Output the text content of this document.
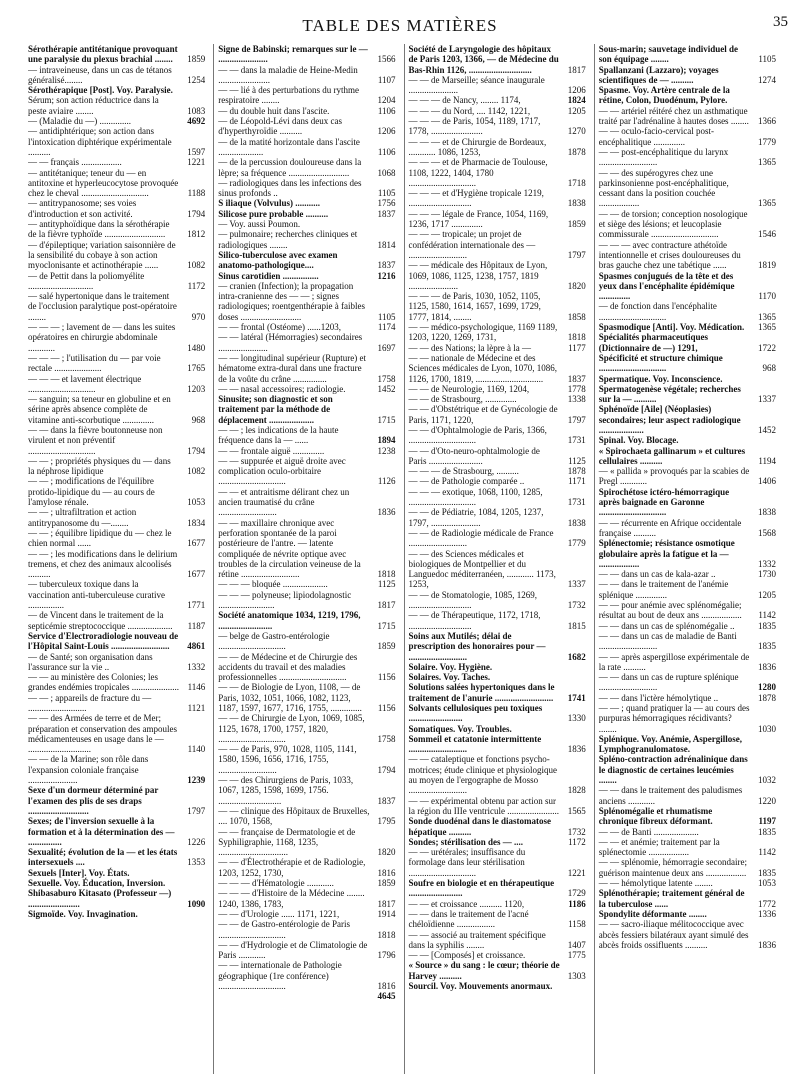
TABLE DES MATIÈRES	35
Sérothérapie antitétanique provoquant une paralysie du plexus brachial ........	1859
— intraveineuse, dans un cas de tétanos généralisé........	1254
Sérothérapique [Post]. Voy. Paralysie.
Sérum; son action réductrice dans la peste aviaire ........	1083
— (Maladie du —) ..............	4692
— antidiphtérique; son action dans l'intoxication diphtérique expérimentale ..........	1597
— — français ..................	1221
— antitétanique; teneur du — en antitoxine et hyperleucocytose provoquée chez le cheval ..............................	1188
— antitrypanosome; ses voies d'introduction et son activité.	1794
— antityphoïdique dans la sérothérapie de la fièvre typhoïde ...........................	1812
— d'épileptique; variation saisonnière de la sensibilité du cobaye à son action myoclonisante et actinothérapie ......	1082
— de Pettit dans la poliomyélite .............................	1172
— salé hypertonique dans le traitement de l'occlusion paralytique post-opératoire ........	970
— — — ; lavement de — dans les suites opératoires en chirurgie abdominale ............	1480
— — — ; l'utilisation du — par voie rectale .....................	1765
— — — et lavement électrique ..............................	1203
— sanguin; sa teneur en globuline et en sérine après absence complète de vitamine anti-scorbutique ..............	968
— — dans la fièvre boutonneuse non virulent et non préventif ..............................	1794
— — ; propriétés physiques du — dans la néphrose lipidique	1082
— — ; modifications de l'équilibre protido-lipidique du — au cours de l'amylose rénale.	1053
— — ; ultrafiltration et action antitrypanosome du —........	1834
— — ; équilibre lipidique du — chez le chien normal ......	1677
— — ; les modifications dans le delirium tremens, et chez des animaux alcoolisés ..........	1677
— tuberculeux toxique dans la vaccination anti-tuberculeuse curative ................	1771
— de Vincent dans le traitement de la septicémie streptococcique ....................	1187
Service d'Electroradiologie nouveau de l'Hôpital Saint-Louis ..........................	4861
— de Santé; son organisation dans l'assurance sur la vie ..	1332
— — au ministère des Colonies; les grandes endémies tropicales ..................... 1146
— — ; appareils de fracture du — ..........................	1121
— — des Armées de terre et de Mer; préparation et conservation des ampoules médicamenteuses en usage dans le — ............................	1140
— — de la Marine; son rôle dans l'expansion coloniale française ......................	1239
Sexe d'un dormeur déterminé par l'examen des plis de ses draps ...........................	1797
Sexes; de l'inversion sexuelle à la formation et à la détermination des — ...............	1226
Sexualité; évolution de la — et les états intersexuels ....	1353
Sexuels [Inter]. Voy. États.
Sexuelle. Voy. Éducation, Inversion.
Shibasaburo Kitasato (Professeur —) .......................	1090
Sigmoïde. Voy. Invagination.
Signe de Babinski; remarques sur le — ......................	1566
— — dans la maladie de Heine-Medin .......................	1107
— — lié à des perturbations du rythme respiratoire ........	1204
— du double huit dans l'ascite.	1106
— de Léopold-Lévi dans deux cas d'hyperthyroïdie ..........	1206
— de la matité horizontale dans l'ascite ....................	1106
— de la percussion douloureuse dans la lèpre; sa fréquence ...........................	1068
— radiologiques dans les infections des sinus profonds ..	1105
S iliaque (Volvulus) ...........	1756
Silicose pure probable ..........	1837
— Voy. aussi Poumon.
— pulmonaire; recherches cliniques et radiologiques ........	1814
Silico-tuberculose avec examen anatomo-pathologique....	1837
Sinus carotidien ................	1216
— cranien (Infection); la propagation intra-cranienne des — — ; signes radiologiques; roentgenthérapie à faibles doses ...........................	1105
— — frontal (Ostéome) ......1203,	1174
— — latéral (Hémorragies) secondaires ......................	1697
— — longitudinal supérieur (Rupture) et hématome extra-dural dans une fracture de la voûte du crâne ...............	1758
— — nasal accessoires; radiologie.	1452
Sinusite; son diagnostic et son traitement par la méthode de déplacement ....................	1715
— — ; les indications de la haute fréquence dans la — ......	1894
— — frontale aiguë ..............	1238
— — suppurée et aiguë droite avec complication oculo-orbitaire ..............................	1126
— — et antraitisme délirant chez un ancien traumatisé du crâne ..........................	1836
— — maxillaire chronique avec perforation spontanée de la paroi postérieure de l'antre. — latente compliquée de névrite optique avec troubles de la circulation veineuse de la rétine ..........................	1818
— — — bloquée ....................	1125
— — — polyneuse; lipiodolagnostic .........................	1817
Société anatomique 1034, 1219, 1796, ........................	1715
— belge de Gastro-entérologie ..............................	1859
— — de Médecine et de Chirurgie des accidents du travail et des maladies professionnelles ..............................	1156
— — de Biologie de Lyon, 1108, — de Paris, 1032, 1051, 1066, 1082, 1123, 1187, 1597, 1677, 1716, 1755, ..............	1156
— — de Chirurgie de Lyon, 1069, 1085, 1125, 1678, 1700, 1757, 1820, ..............................	1758
— — de Paris, 970, 1028, 1105, 1141, 1580, 1596, 1656, 1716, 1755, ..........................	1794
— — des Chirurgiens de Paris, 1033, 1067, 1285, 1598, 1699, 1756. ............................	1837
— — clinique des Hôpitaux de Bruxelles, .... 1070, 1568,	1795
— — française de Dermatologie et de Syphiligraphie, 1168, 1235, ...............................	1820
— — d'Électrothérapie et de Radiologie, 1203, 1252, 1730,	1816
— — — d'Hématologie ............	1859
— — — d'Histoire de la Médecine ........ 1240, 1386, 1783,	1817
— — d'Urologie ...... 1171, 1221,	1914
— — de Gastro-entérologie de Paris ..............................	1818
— — d'Hydrologie et de Climatologie de Paris ............	1796
— — internationale de Pathologie géographique (1re conférence) ..............................	1816
4645
Société de Laryngologie des hôpitaux de Paris 1203, 1366, — de Médecine du Bas-Rhin 1126, ............................	1817
— — de Marseille; séance inaugurale ......................	1206
— — — de Nancy, ........ 1174,	1824
— — — du Nord, .... 1142, 1221,	1205
— — — de Paris, 1054, 1189, 1717, 1778, .......................	1270
— — — et de Chirurgie de Bordeaux, ............ 1086, 1253,	1878
— — — et de Pharmacie de Toulouse, 1108, 1222, 1404, 1780 ..............................	1718
— — — et d'Hygiène tropicale 1219, ............................	1838
— — — légale de France, 1054, 1169, 1236, 1717 ..............	1859
— — — tropicale; un projet de confédération internationale des — ..........................	1797
— — médicale des Hôpitaux de Lyon, 1069, 1086, 1125, 1238, 1757, 1819 ......................	1820
— — — de Paris, 1030, 1052, 1105, 1125, 1580, 1614, 1657, 1699, 1729, 1777, 1814, ........	1858
— — médico-psychologique, 1169 1189, 1203, 1220, 1269, 1731,	1818
— — des Nations; la lèpre à la —	1177
— — nationale de Médecine et des Sciences médicales de Lyon, 1070, 1086, 1126, 1700, 1819, ..............................	1837
— — de Neurologie, 1169, 1204,	1778
— — de Strasbourg, ..............	1338
— — d'Obstétrique et de Gynécologie de Paris, 1171, 1220,	1797
— — d'Ophtalmologie de Paris, 1366, ..............................	1731
— — d'Oto-neuro-ophtalmologie de Paris ........................	1125
— — — de Strasbourg, ..........	1878
— — de Pathologie comparée ..	1171
— — — exotique, 1068, 1100, 1285, ..............................	1731
— — de Pédiatrie, 1084, 1205, 1237, 1797, ......................	1838
— — de Radiologie médicale de France ..........................	1779
— — des Sciences médicales et biologiques de Montpellier et du Languedoc méditerranéen, ............ 1173, 1253,	1337
— — de Stomatologie, 1085, 1269, ............................	1732
— — de Thérapeutique, 1172, 1718, ............................	1815
Soins aux Mutilés; délai de prescription des honoraires pour — ..........................	1682
Solaire. Voy. Hygiène.
Solaires. Voy. Taches.
Solutions salées hypertoniques dans le traitement de l'anurie ..........................	1741
Solvants cellulosiques peu toxiques ........................	1330
Somatiques. Voy. Troubles.
Sommeil et catatonie intermittente ..........................	1836
— — cataleptique et fonctions psycho-motrices; étude clinique et physiologique au moyen de l'ergographe de Mosso ..........................	1828
— — expérimental obtenu par action sur la région du IIIe ventricule ....................... 1565
Sonde duodénal dans le diastomatose hépatique ..........	1732
Sondes; stérilisation des — ....	1172
— — urétérales; insuffisance du formolage dans leur stérilisation ..............................	1221
Soufre en biologie et en thérapeutique ........................	1729
— — et croissance .......... 1120,	1186
— — dans le traitement de l'acné chéloïdienne .................	1158
— — associé au traitement spécifique dans la syphilis ........	1407
— — [Composés] et croissance.	1775
« Source » du sang : le cœur; théorie de Harvey ..........	1303
Sourcil. Voy. Mouvements anormaux.
Sous-marin; sauvetage individuel de son équipage ........	1105
Spallanzani (Lazzaro); voyages scientifiques de — ..........	1274
Spasme. Voy. Artère centrale de la rétine, Colon, Duodénum, Pylore.
— — artériel réitéré chez un asthmatique traité par l'adrénaline à hautes doses ........	1366
— — oculo-facio-cervical post-encéphalitique ..............	1779
— — post-encéphalitique du larynx ..........................	1365
— — des supérogyres chez une parkinsonienne post-encéphalitique, cessant dans la position couchée ..................	1365
— — de torsion; conception nosologique et siège des lésions; et leucoplasie commissurale ..............................	1546
— — — avec contracture athétoïde intentionnelle et crises douloureuses du bras gauche chez une tabétique ......	1819
Spasmes conjugués de la tête et des yeux dans l'encéphalite épidémique ..............	1170
— de fonction dans l'encéphalite ..............................	1365
Spasmodique [Anti]. Voy. Médication.	1365
Spécialités pharmaceutiques (Dictionnaire de —) 1291,	1722
Spécificité et structure chimique ..............................	968
Spermatique. Voy. Inconscience.
Spermatogenèse végétale; recherches sur la — ..........	1337
Sphénoïde [Aile] (Néoplasies) secondaires; leur aspect radiologique ....................	1452
Spinal. Voy. Blocage.
« Spirochaeta gallinarum » et cultures cellulaires ..........	1194
— « pallida » provoqués par la scabies de Pregl ............	1406
Spirochétose ictéro-hémorragique après baignade en Garonne ..............................	1838
— — récurrente en Afrique occidentale française ..........	1568
Splénectomie; résistance osmotique globulaire après la fatigue et la — ..................	1332
— — dans un cas de kala-azar ..	1730
— — dans le traitement de l'anémie splénique ..............	1205
— — pour anémie avec splénomégalie; résultat au bout de deux ans ..................	1142
— — dans un cas de splénomégalie ..	1835
— — dans un cas de maladie de Banti ..........................	1835
— — après aspergillose expérimentale de la rate ..........	1836
— — dans un cas de rupture splénique ..........................	1280
— — dans l'ictère hémolytique ..	1878
— — ; quand pratiquer la — au cours des purpuras hémorragiques récidivants? ........	1030
Splénique. Voy. Anémie, Aspergillose, Lymphogranulomatose.
Spléno-contraction adrénalinique dans le diagnostic de certaines leucémies ........	1032
— — dans le traitement des paludismes anciens ............	1220
Splénomégalie et rhumatisme chronique fibreux déformant.	1197
— — de Banti ....................	1835
— — et anémie; traitement par la splénectomie ..................	1142
— — splénomie, hémorragie secondaire; guérison maintenue deux ans ..................	1835
— — hémolytique latente ........	1053
Splénothérapie; traitement général de la tuberculose ......	1772
Spondylite déformante ........	1336
— — sacro-iliaque mélitococcique avec abcès fessiers bilatéraux ayant simulé des abcès froids ossifluents ..........	1836
